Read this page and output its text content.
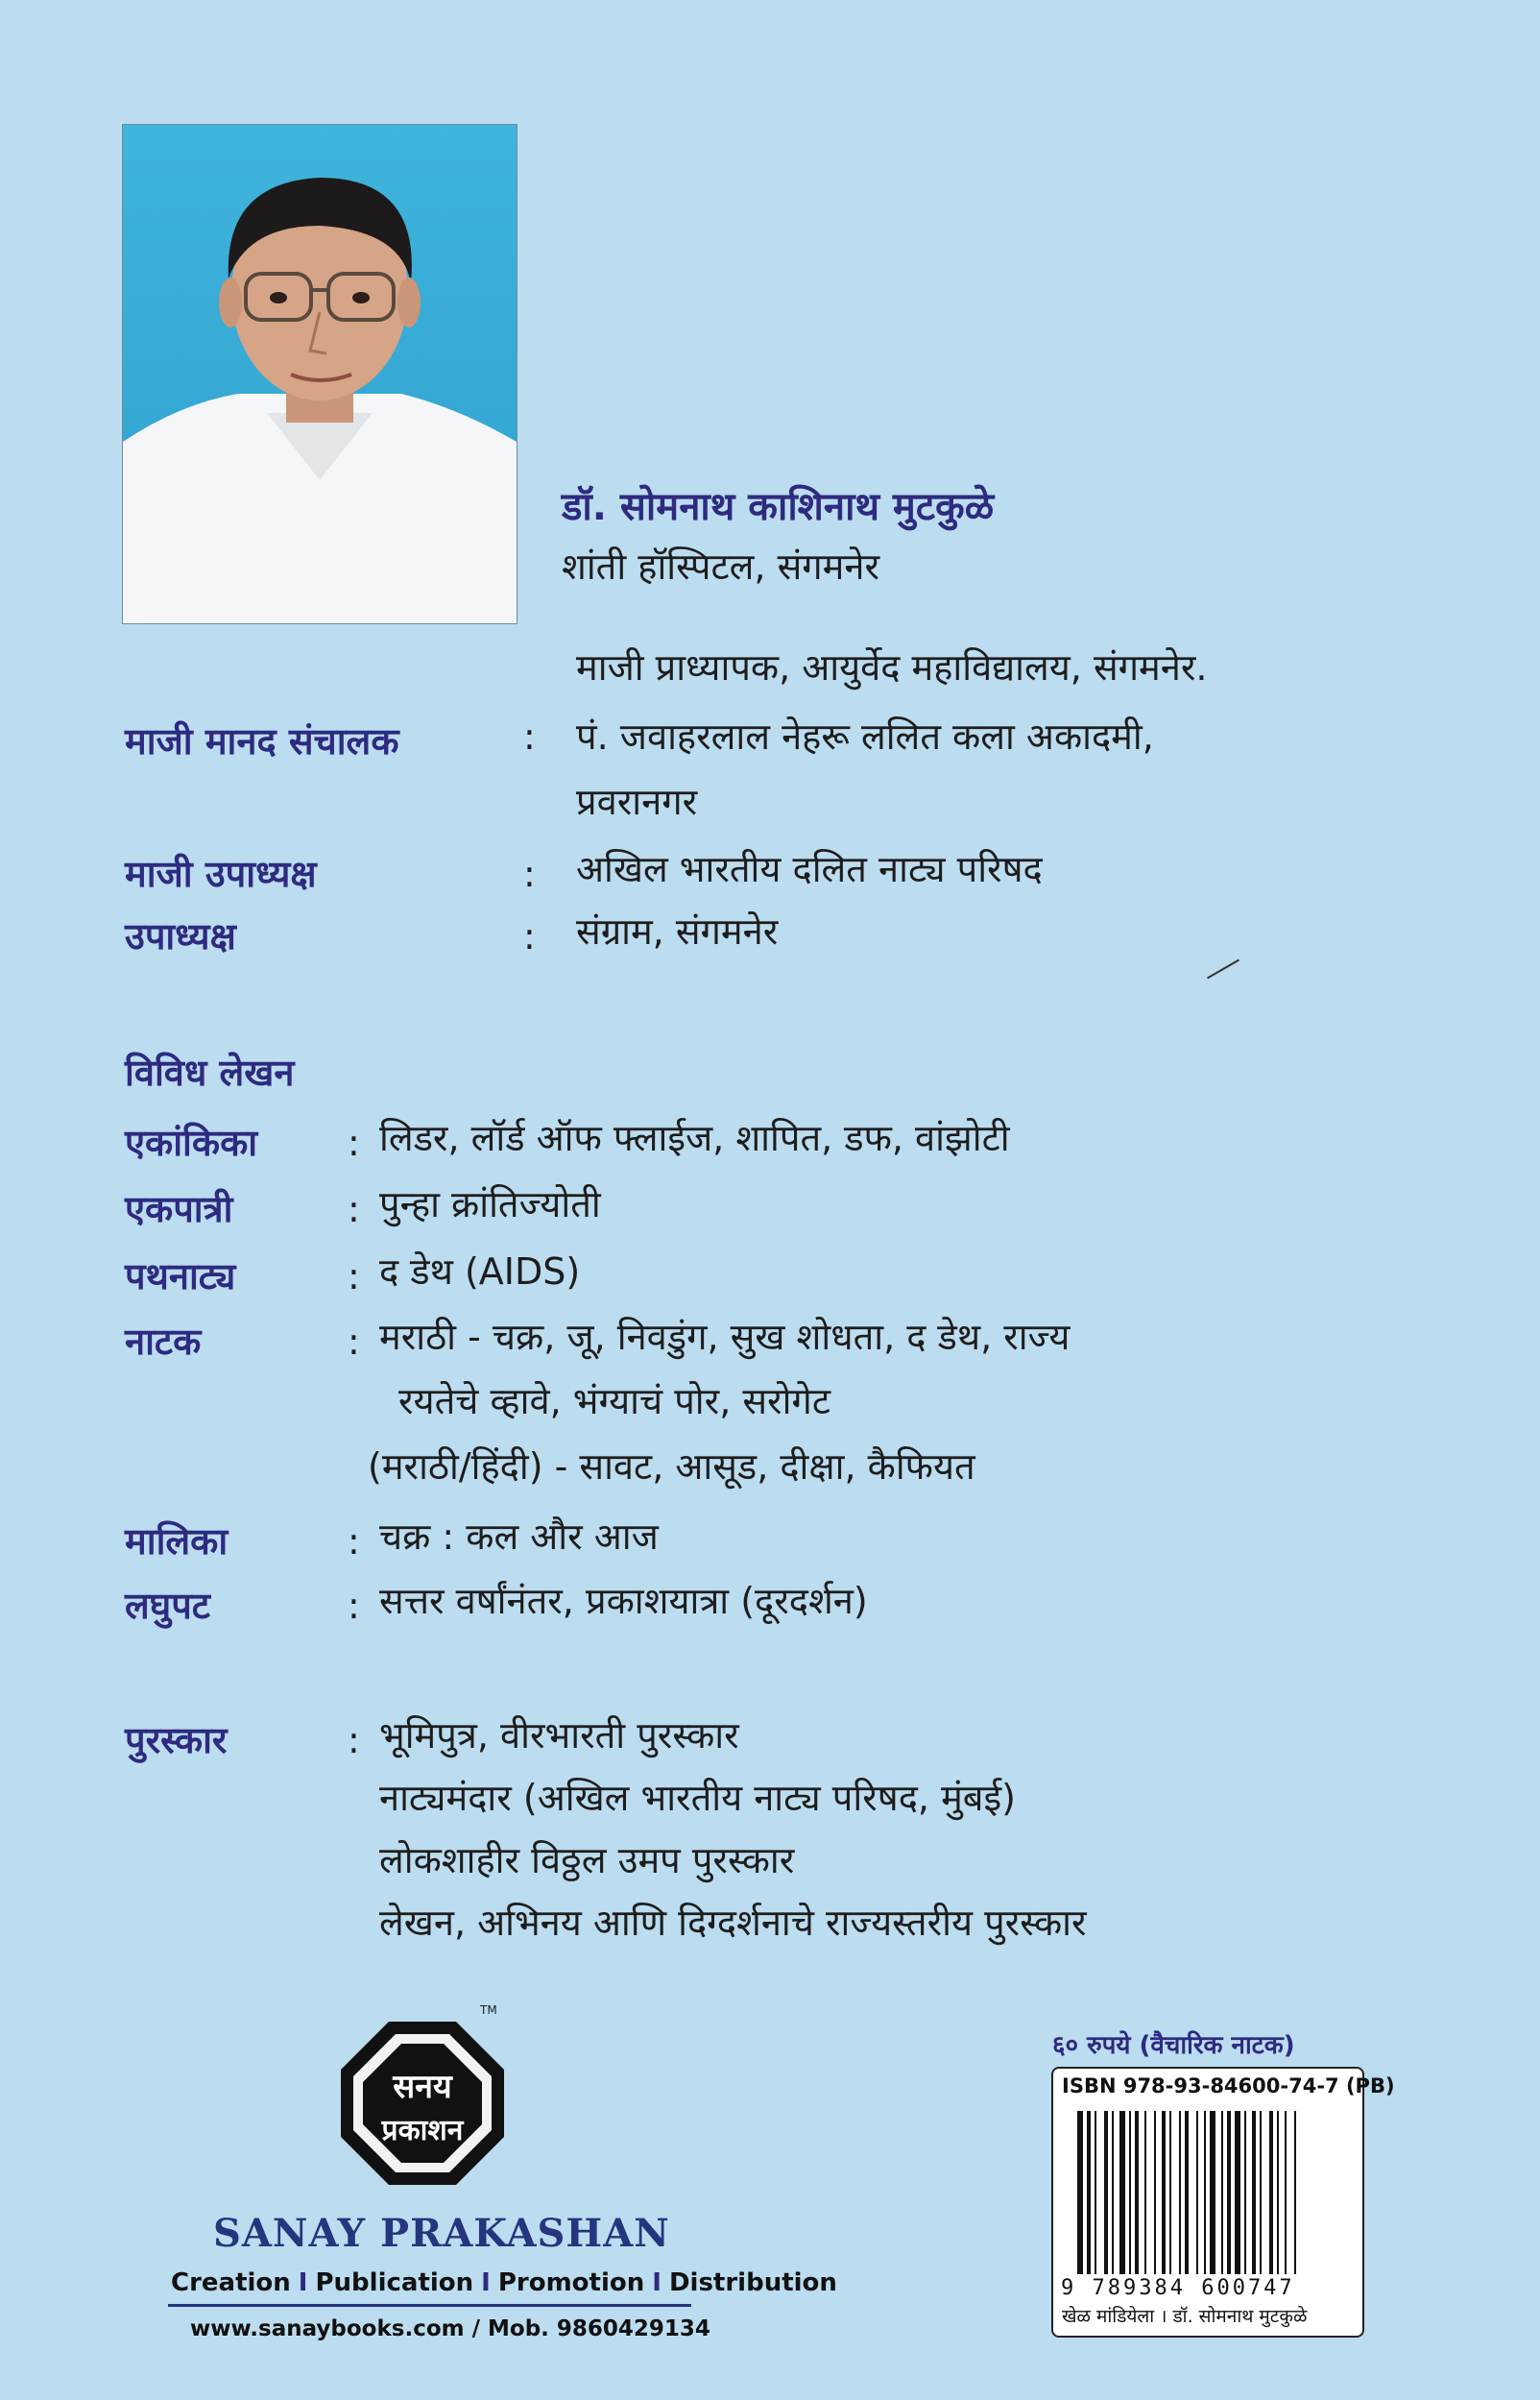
डॉ. सोमनाथ काशिनाथ मुटकुळे
शांती हॉस्पिटल, संगमनेर
माजी प्राध्यापक, आयुर्वेद महाविद्यालय, संगमनेर.
माजी मानद संचालक	: पं. जवाहरलाल नेहरू ललित कला अकादमी,
प्रवरानगर
माजी उपाध्यक्ष	: अखिल भारतीय दलित नाट्य परिषद
उपाध्यक्ष	: संग्राम, संगमनेर
विविध लेखन
एकांकिका : लिडर, लॉर्ड ऑफ फ्लाईज, शापित, डफ, वांझोटी
एकपात्री	: पुन्हा क्रांतिज्योती
पथनाट्य	: द डेथ (AIDS)
नाटक	: मराठी - चक्र, जू, निवडुंग, सुख शोधता, द डेथ, राज्य
रयतेचे व्हावे, भंग्याचं पोर, सरोगेट
(मराठी/हिंदी) - सावट, आसूड, दीक्षा, कैफियत
मालिका	: चक्र : कल और आज
लघुपट	: सत्तर वर्षांनंतर, प्रकाशयात्रा (दूरदर्शन)
पुरस्कार	: भूमिपुत्र, वीरभारती पुरस्कार
नाट्यमंदार (अखिल भारतीय नाट्य परिषद, मुंबई)
लोकशाहीर विठ्ठल उमप पुरस्कार
लेखन, अभिनय आणि दिग्दर्शनाचे राज्यस्तरीय पुरस्कार
सनय
प्रकाशन
TM
SANAY PRAKASHAN
Creation I Publication I Promotion I Distribution
www.sanaybooks.com / Mob. 9860429134
६० रुपये (वैचारिक नाटक)
ISBN 978-93-84600-74-7 (PB)
9 789384 600747
खेळ मांडियेला । डॉ. सोमनाथ मुटकुळे
